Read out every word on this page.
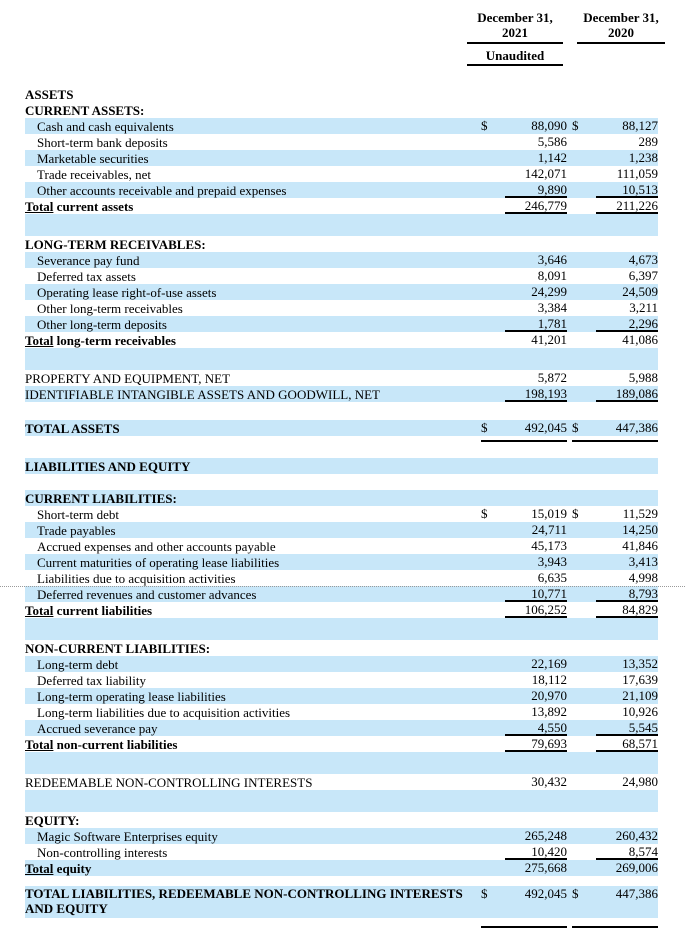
December 31,
2021
December 31,
2020
Unaudited
ASSETS
CURRENT ASSETS:
Cash and cash equivalents	$	88,090 $	88,127
Short-term bank deposits	5,586	289
Marketable securities	1,142	1,238
Trade receivables, net	142,071	111,059
Other accounts receivable and prepaid expenses	9,890	10,513
Total current assets	246,779	211,226
LONG-TERM RECEIVABLES:
Severance pay fund	3,646	4,673
Deferred tax assets	8,091	6,397
Operating lease right-of-use assets	24,299	24,509
Other long-term receivables	3,384	3,211
Other long-term deposits	1,781	2,296
Total long-term receivables	41,201	41,086
PROPERTY AND EQUIPMENT, NET	5,872	5,988
IDENTIFIABLE INTANGIBLE ASSETS AND GOODWILL, NET	198,193	189,086
TOTAL ASSETS	$	492,045 $	447,386
LIABILITIES AND EQUITY
CURRENT LIABILITIES:
Short-term debt	$	15,019 $	11,529
Trade payables	24,711	14,250
Accrued expenses and other accounts payable	45,173	41,846
Current maturities of operating lease liabilities	3,943	3,413
Liabilities due to acquisition activities	6,635	4,998
Deferred revenues and customer advances	10,771	8,793
Total current liabilities	106,252	84,829
NON-CURRENT LIABILITIES:
Long-term debt	22,169	13,352
Deferred tax liability	18,112	17,639
Long-term operating lease liabilities	20,970	21,109
Long-term liabilities due to acquisition activities	13,892	10,926
Accrued severance pay	4,550	5,545
Total non-current liabilities	79,693	68,571
REDEEMABLE NON-CONTROLLING INTERESTS	30,432	24,980
EQUITY:
Magic Software Enterprises equity	265,248	260,432
Non-controlling interests	10,420	8,574
Total equity	275,668	269,006
TOTAL LIABILITIES, REDEEMABLE NON-CONTROLLING INTERESTS AND EQUITY
$	492,045 $	447,386
